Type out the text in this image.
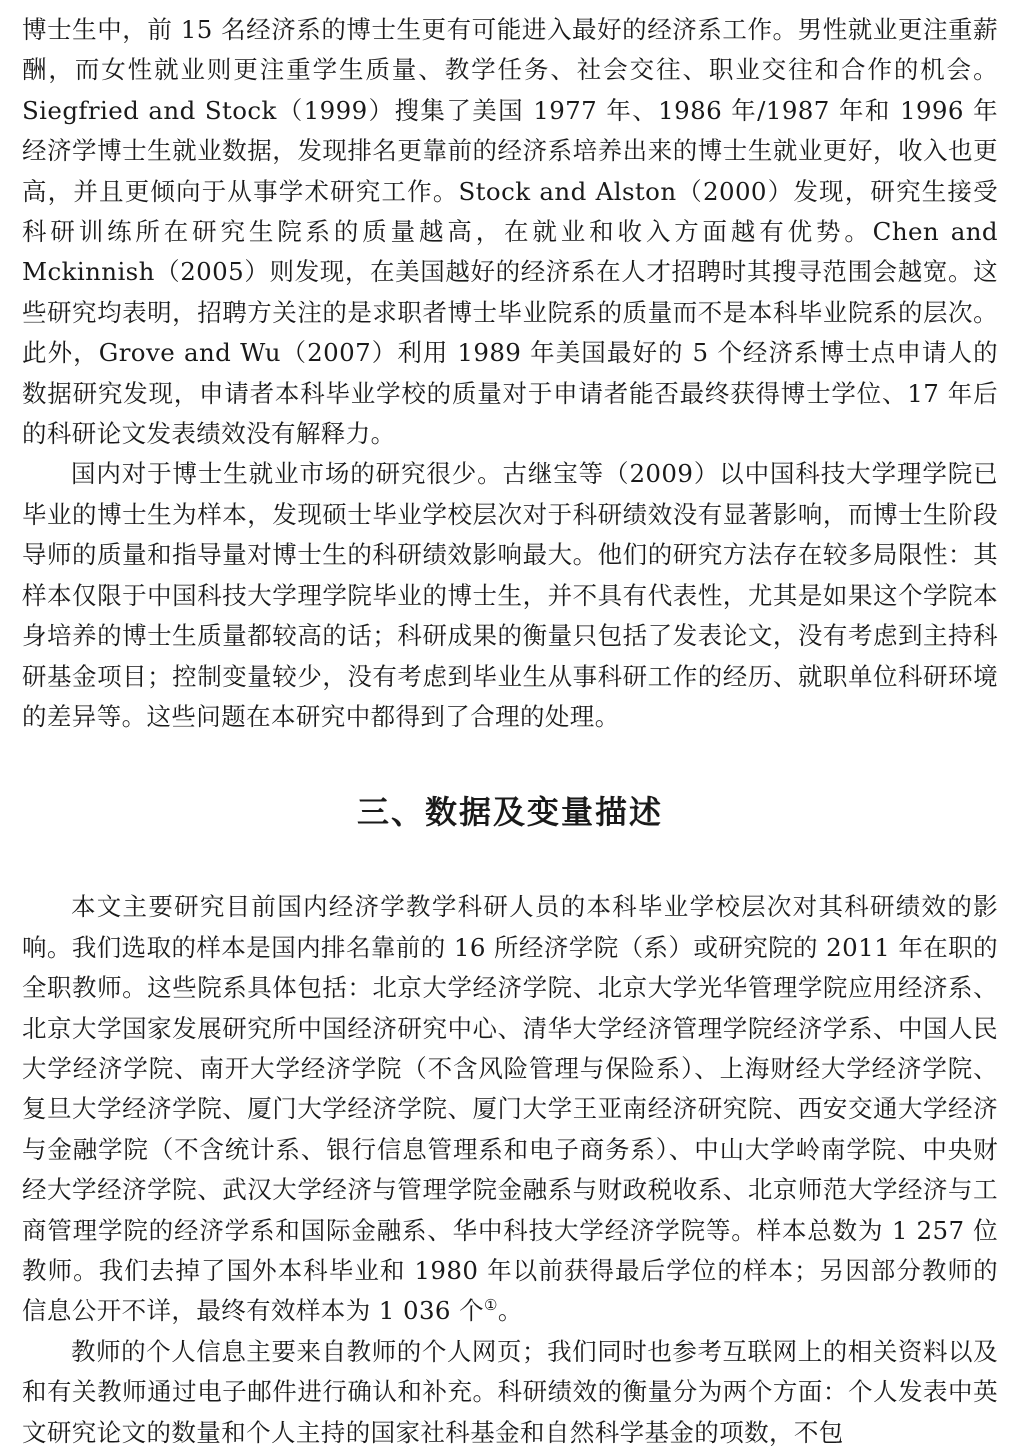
博士生中，前 15 名经济系的博士生更有可能进入最好的经济系工作。男性就业更注重薪酬，而女性就业则更注重学生质量、教学任务、社会交往、职业交往和合作的机会。Siegfried and Stock（1999）搜集了美国 1977 年、1986 年/1987 年和 1996 年经济学博士生就业数据，发现排名更靠前的经济系培养出来的博士生就业更好，收入也更高，并且更倾向于从事学术研究工作。Stock and Alston（2000）发现，研究生接受科研训练所在研究生院系的质量越高，在就业和收入方面越有优势。Chen and Mckinnish（2005）则发现，在美国越好的经济系在人才招聘时其搜寻范围会越宽。这些研究均表明，招聘方关注的是求职者博士毕业院系的质量而不是本科毕业院系的层次。此外，Grove and Wu（2007）利用 1989 年美国最好的 5 个经济系博士点申请人的数据研究发现，申请者本科毕业学校的质量对于申请者能否最终获得博士学位、17 年后的科研论文发表绩效没有解释力。

国内对于博士生就业市场的研究很少。古继宝等（2009）以中国科技大学理学院已毕业的博士生为样本，发现硕士毕业学校层次对于科研绩效没有显著影响，而博士生阶段导师的质量和指导量对博士生的科研绩效影响最大。他们的研究方法存在较多局限性：其样本仅限于中国科技大学理学院毕业的博士生，并不具有代表性，尤其是如果这个学院本身培养的博士生质量都较高的话；科研成果的衡量只包括了发表论文，没有考虑到主持科研基金项目；控制变量较少，没有考虑到毕业生从事科研工作的经历、就职单位科研环境的差异等。这些问题在本研究中都得到了合理的处理。

三、数据及变量描述

本文主要研究目前国内经济学教学科研人员的本科毕业学校层次对其科研绩效的影响。我们选取的样本是国内排名靠前的 16 所经济学院（系）或研究院的 2011 年在职的全职教师。这些院系具体包括：北京大学经济学院、北京大学光华管理学院应用经济系、北京大学国家发展研究所中国经济研究中心、清华大学经济管理学院经济学系、中国人民大学经济学院、南开大学经济学院（不含风险管理与保险系）、上海财经大学经济学院、复旦大学经济学院、厦门大学经济学院、厦门大学王亚南经济研究院、西安交通大学经济与金融学院（不含统计系、银行信息管理系和电子商务系）、中山大学岭南学院、中央财经大学经济学院、武汉大学经济与管理学院金融系与财政税收系、北京师范大学经济与工商管理学院的经济学系和国际金融系、华中科技大学经济学院等。样本总数为 1 257 位教师。我们去掉了国外本科毕业和 1980 年以前获得最后学位的样本；另因部分教师的信息公开不详，最终有效样本为 1 036 个①。

教师的个人信息主要来自教师的个人网页；我们同时也参考互联网上的相关资料以及和有关教师通过电子邮件进行确认和补充。科研绩效的衡量分为两个方面：个人发表中英文研究论文的数量和个人主持的国家社科基金和自然科学基金的项数，不包
